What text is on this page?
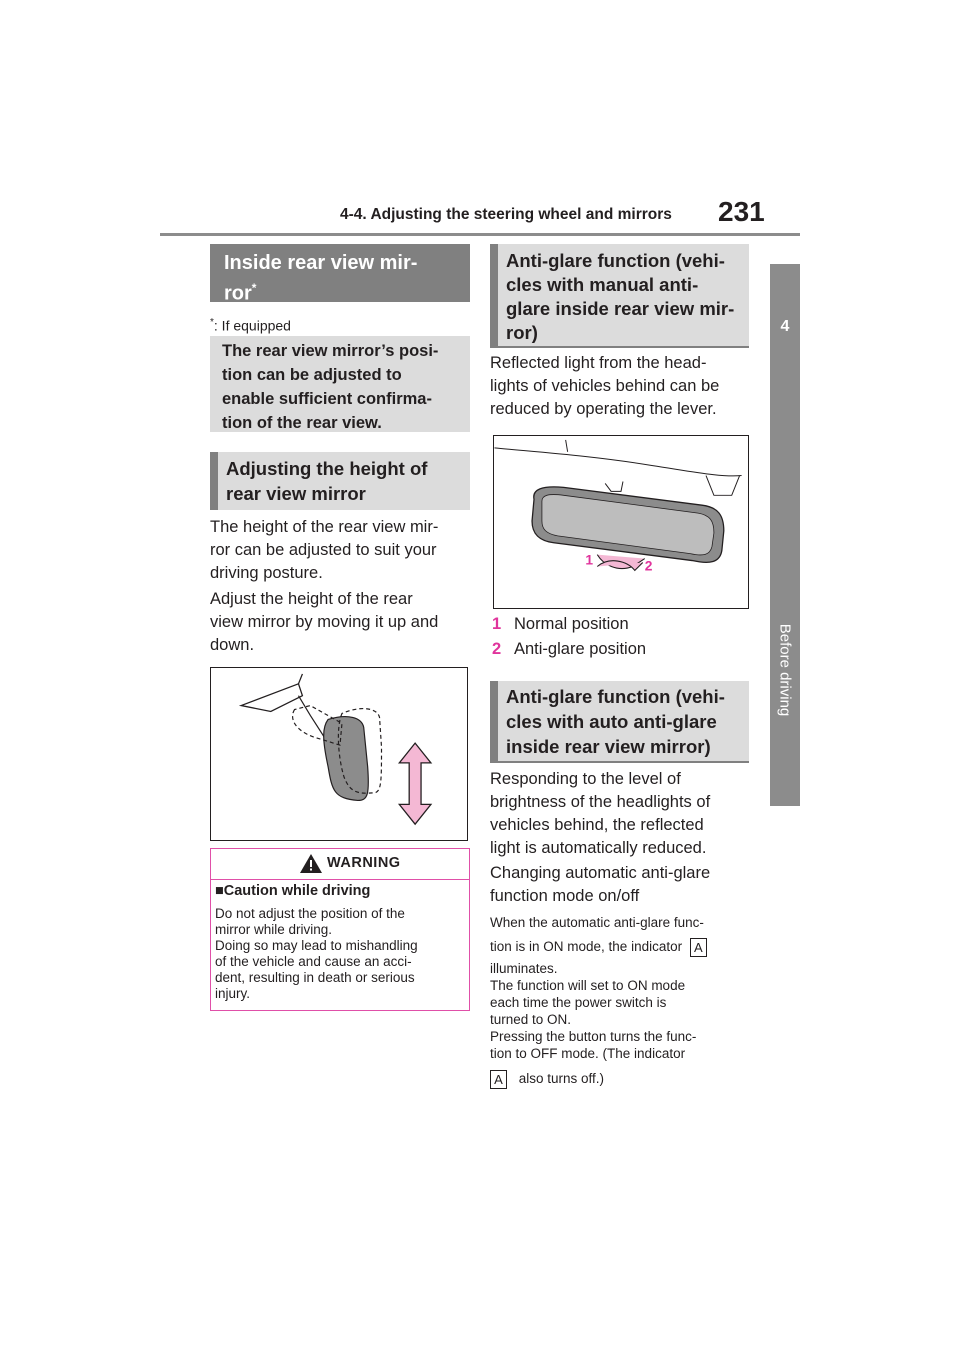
4-4. Adjusting the steering wheel and mirrors 231
4
Before driving
Inside rear view mir-
ror*
*: If equipped
The rear view mirror’s posi-
tion can be adjusted to
enable sufficient confirma-
tion of the rear view.
Adjusting the height of
rear view mirror
The height of the rear view mir-
ror can be adjusted to suit your
driving posture.
Adjust the height of the rear
view mirror by moving it up and
down.
WARNING
■Caution while driving
Do not adjust the position of the
mirror while driving.
Doing so may lead to mishandling
of the vehicle and cause an acci-
dent, resulting in death or serious
injury.
Anti-glare function (vehi-
cles with manual anti-
glare inside rear view mir-
ror)
Reflected light from the head-
lights of vehicles behind can be
reduced by operating the lever.
1	2
1 Normal position
2 Anti-glare position
Anti-glare function (vehi-
cles with auto anti-glare
inside rear view mirror)
Responding to the level of
brightness of the headlights of
vehicles behind, the reflected
light is automatically reduced.
Changing automatic anti-glare
function mode on/off
When the automatic anti-glare func-
tion is in ON mode, the indicator A
illuminates.
The function will set to ON mode
each time the power switch is
turned to ON.
Pressing the button turns the func-
tion to OFF mode. (The indicator
A also turns off.)
